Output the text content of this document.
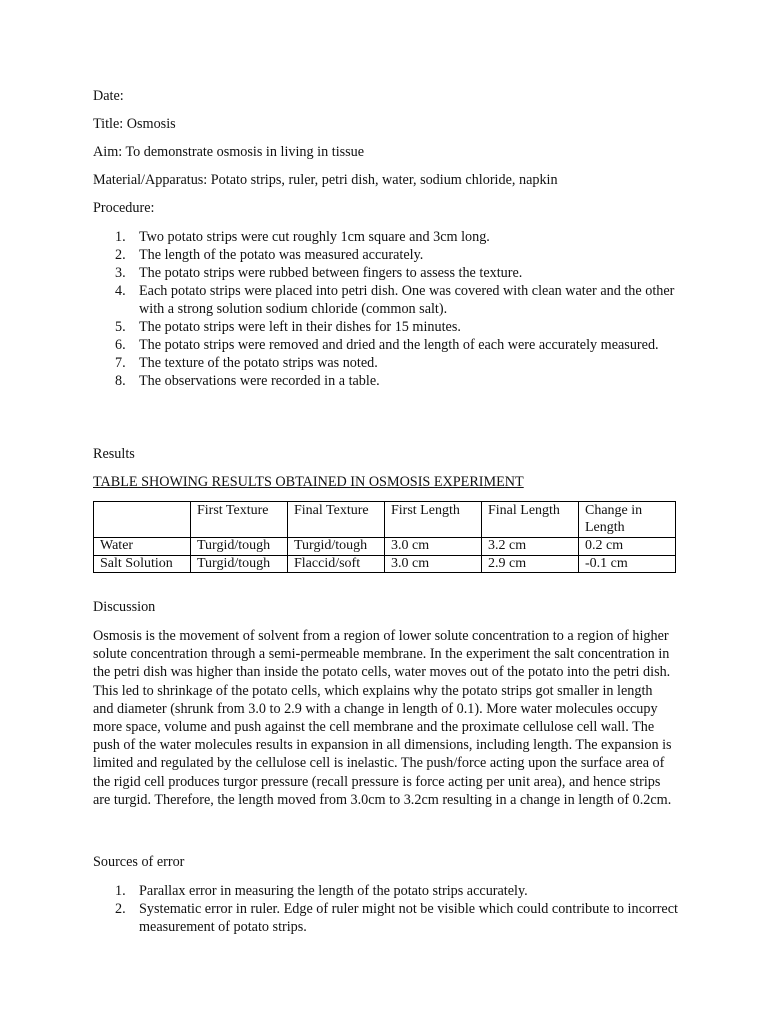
Date:
Title: Osmosis
Aim: To demonstrate osmosis in living in tissue
Material/Apparatus: Potato strips, ruler, petri dish, water, sodium chloride, napkin
Procedure:
1. Two potato strips were cut roughly 1cm square and 3cm long.
2. The length of the potato was measured accurately.
3. The potato strips were rubbed between fingers to assess the texture.
4. Each potato strips were placed into petri dish. One was covered with clean water and the other with a strong solution sodium chloride (common salt).
5. The potato strips were left in their dishes for 15 minutes.
6. The potato strips were removed and dried and the length of each were accurately measured.
7. The texture of the potato strips was noted.
8. The observations were recorded in a table.
Results
TABLE SHOWING RESULTS OBTAINED IN OSMOSIS EXPERIMENT
	First Texture	Final Texture	First Length	Final Length	Change in Length
Water	Turgid/tough	Turgid/tough	3.0 cm	3.2 cm	0.2 cm
Salt Solution	Turgid/tough	Flaccid/soft	3.0 cm	2.9 cm	-0.1 cm
Discussion
Osmosis is the movement of solvent from a region of lower solute concentration to a region of higher solute concentration through a semi-permeable membrane. In the experiment the salt concentration in the petri dish was higher than inside the potato cells, water moves out of the potato into the petri dish. This led to shrinkage of the potato cells, which explains why the potato strips got smaller in length and diameter (shrunk from 3.0 to 2.9 with a change in length of 0.1). More water molecules occupy more space, volume and push against the cell membrane and the proximate cellulose cell wall. The push of the water molecules results in expansion in all dimensions, including length. The expansion is limited and regulated by the cellulose cell is inelastic. The push/force acting upon the surface area of the rigid cell produces turgor pressure (recall pressure is force acting per unit area), and hence strips are turgid. Therefore, the length moved from 3.0cm to 3.2cm resulting in a change in length of 0.2cm.
Sources of error
1. Parallax error in measuring the length of the potato strips accurately.
2. Systematic error in ruler. Edge of ruler might not be visible which could contribute to incorrect measurement of potato strips.
